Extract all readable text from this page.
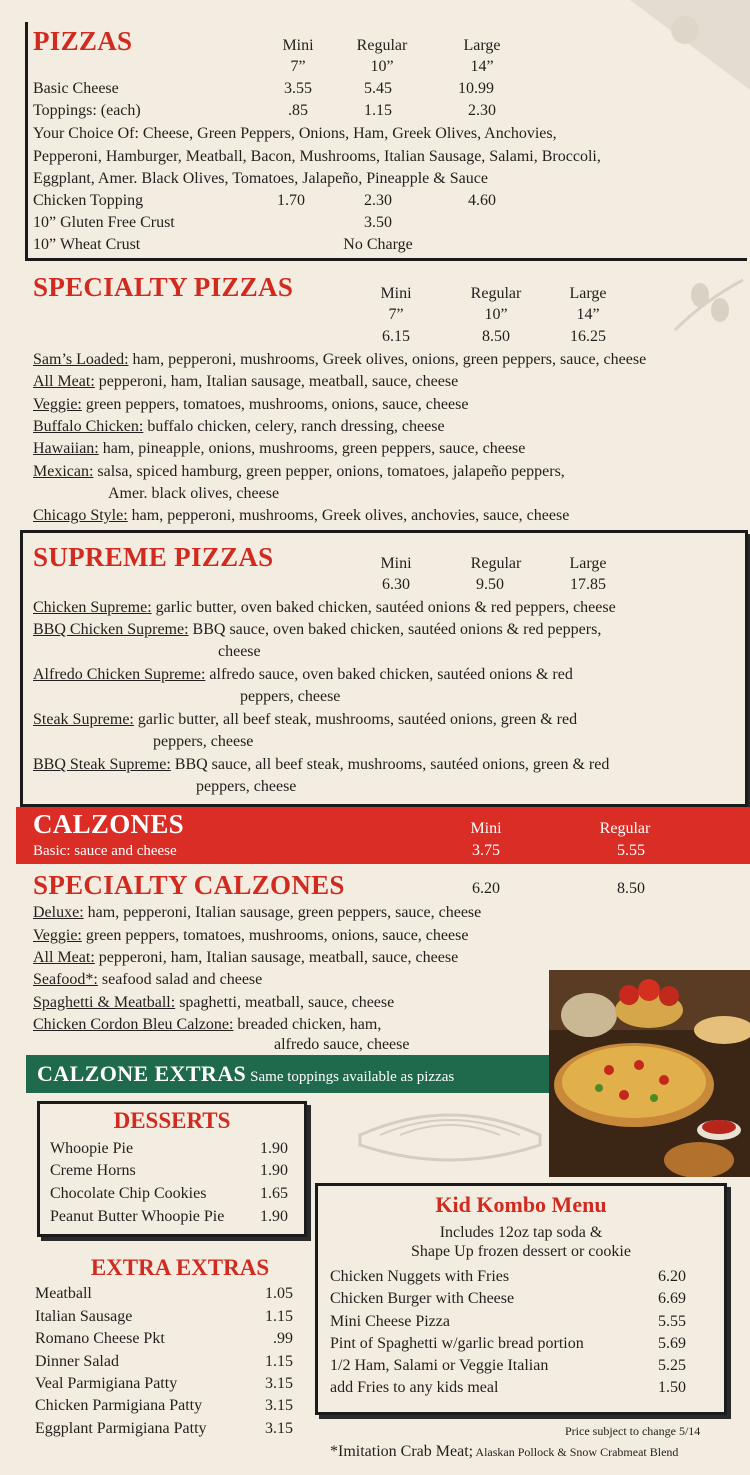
PIZZAS	Mini	Regular	Large
7”	10”	14”
Basic Cheese	3.55	5.45	10.99
Toppings: (each)	.85	1.15	2.30
Your Choice Of: Cheese, Green Peppers, Onions, Ham, Greek Olives, Anchovies,
Pepperoni, Hamburger, Meatball, Bacon, Mushrooms, Italian Sausage, Salami, Broccoli,
Eggplant, Amer. Black Olives, Tomatoes, Jalapeño, Pineapple & Sauce
Chicken Topping	1.70	2.30	4.60
10” Gluten Free Crust	3.50
10” Wheat Crust	No Charge
SPECIALTY PIZZAS	Mini	Regular	Large
7”	10”	14”
6.15	8.50	16.25
Sam’s Loaded: ham, pepperoni, mushrooms, Greek olives, onions, green peppers, sauce, cheese
All Meat: pepperoni, ham, Italian sausage, meatball, sauce, cheese
Veggie: green peppers, tomatoes, mushrooms, onions, sauce, cheese
Buffalo Chicken: buffalo chicken, celery, ranch dressing, cheese
Hawaiian: ham, pineapple, onions, mushrooms, green peppers, sauce, cheese
Mexican: salsa, spiced hamburg, green pepper, onions, tomatoes, jalapeño peppers,
Amer. black olives, cheese
Chicago Style: ham, pepperoni, mushrooms, Greek olives, anchovies, sauce, cheese
SUPREME PIZZAS	Mini	Regular	Large
6.30	9.50	17.85
Chicken Supreme: garlic butter, oven baked chicken, sautéed onions & red peppers, cheese
BBQ Chicken Supreme: BBQ sauce, oven baked chicken, sautéed onions & red peppers,
cheese
Alfredo Chicken Supreme: alfredo sauce, oven baked chicken, sautéed onions & red
peppers, cheese
Steak Supreme: garlic butter, all beef steak, mushrooms, sautéed onions, green & red
peppers, cheese
BBQ Steak Supreme: BBQ sauce, all beef steak, mushrooms, sautéed onions, green & red
peppers, cheese
CALZONES
Basic: sauce and cheese
Mini	Regular
3.75	5.55
SPECIALTY CALZONES	6.20	8.50
Deluxe: ham, pepperoni, Italian sausage, green peppers, sauce, cheese
Veggie: green peppers, tomatoes, mushrooms, onions, sauce, cheese
All Meat: pepperoni, ham, Italian sausage, meatball, sauce, cheese
Seafood*: seafood salad and cheese
Spaghetti & Meatball: spaghetti, meatball, sauce, cheese
Chicken Cordon Bleu Calzone: breaded chicken, ham,
alfredo sauce, cheese
CALZONE EXTRAS Same toppings available as pizzas
DESSERTS
Whoopie Pie	1.90
Creme Horns	1.90
Chocolate Chip Cookies	1.65
Peanut Butter Whoopie Pie	1.90
EXTRA EXTRAS
Meatball	1.05
Italian Sausage	1.15
Romano Cheese Pkt	.99
Dinner Salad	1.15
Veal Parmigiana Patty	3.15
Chicken Parmigiana Patty	3.15
Eggplant Parmigiana Patty	3.15
Kid Kombo Menu
Includes 12oz tap soda &
Shape Up frozen dessert or cookie
Chicken Nuggets with Fries	6.20
Chicken Burger with Cheese	6.69
Mini Cheese Pizza	5.55
Pint of Spaghetti w/garlic bread portion	5.69
1/2 Ham, Salami or Veggie Italian	5.25
add Fries to any kids meal	1.50
Price subject to change 5/14
*Imitation Crab Meat; Alaskan Pollock & Snow Crabmeat Blend
